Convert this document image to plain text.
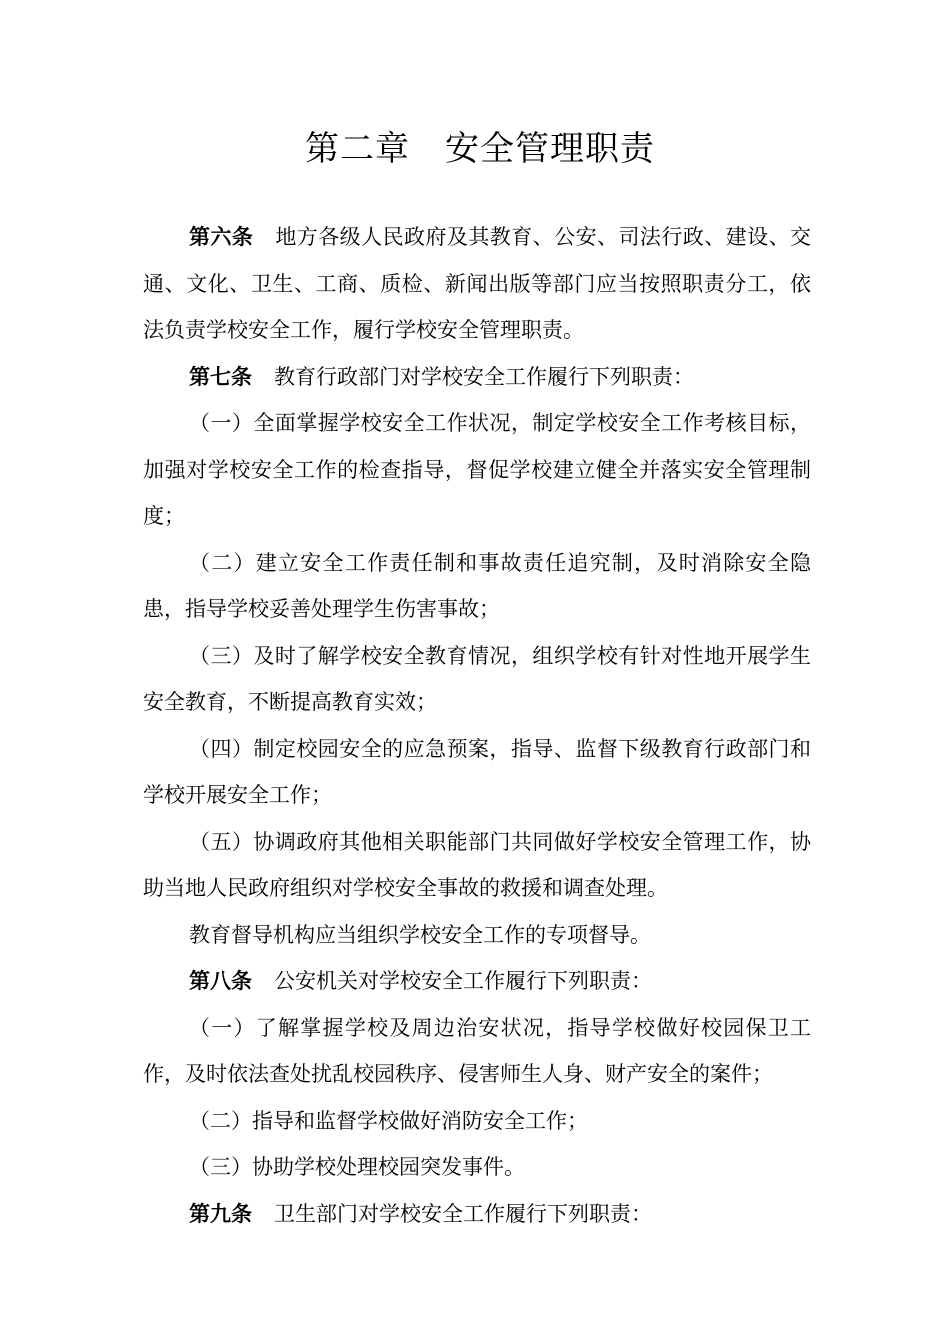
第二章　安全管理职责

第六条 地方各级人民政府及其教育、公安、司法行政、建设、交通、文化、卫生、工商、质检、新闻出版等部门应当按照职责分工，依法负责学校安全工作，履行学校安全管理职责。

第七条 教育行政部门对学校安全工作履行下列职责：

（一）全面掌握学校安全工作状况，制定学校安全工作考核目标，加强对学校安全工作的检查指导，督促学校建立健全并落实安全管理制度；

（二）建立安全工作责任制和事故责任追究制，及时消除安全隐患，指导学校妥善处理学生伤害事故；

（三）及时了解学校安全教育情况，组织学校有针对性地开展学生安全教育，不断提高教育实效；

（四）制定校园安全的应急预案，指导、监督下级教育行政部门和学校开展安全工作；

（五）协调政府其他相关职能部门共同做好学校安全管理工作，协助当地人民政府组织对学校安全事故的救援和调查处理。

教育督导机构应当组织学校安全工作的专项督导。

第八条 公安机关对学校安全工作履行下列职责：

（一）了解掌握学校及周边治安状况，指导学校做好校园保卫工作，及时依法查处扰乱校园秩序、侵害师生人身、财产安全的案件；

（二）指导和监督学校做好消防安全工作；

（三）协助学校处理校园突发事件。

第九条 卫生部门对学校安全工作履行下列职责：
